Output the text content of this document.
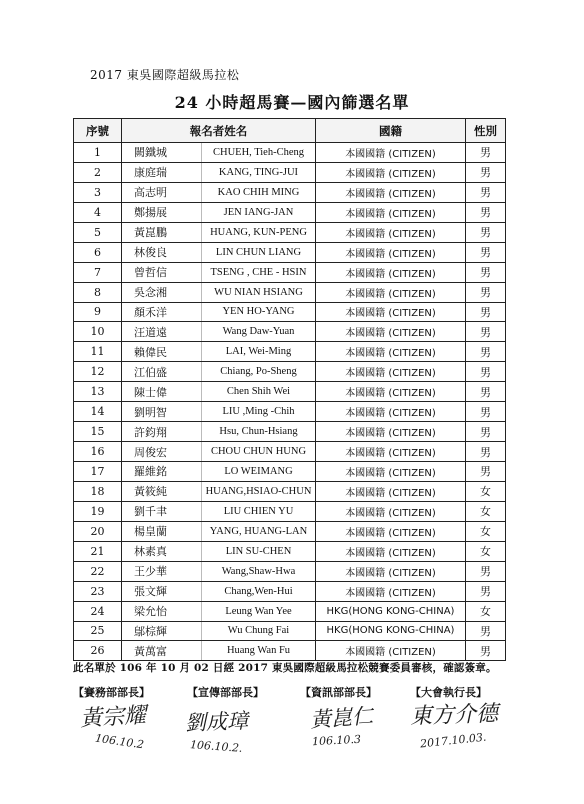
2017 東吳國際超級馬拉松
24 小時超馬賽—國內篩選名單
序號	報名者姓名		國籍	性別
1	闕鐵城	CHUEH, Tieh-Cheng	本國國籍 (CITIZEN)	男
2	康庭瑞	KANG, TING-JUI	本國國籍 (CITIZEN)	男
3	高志明	KAO CHIH MING	本國國籍 (CITIZEN)	男
4	鄭揚展	JEN IANG-JAN	本國國籍 (CITIZEN)	男
5	黃崑鵬	HUANG, KUN-PENG	本國國籍 (CITIZEN)	男
6	林俊良	LIN CHUN LIANG	本國國籍 (CITIZEN)	男
7	曾哲信	TSENG , CHE - HSIN	本國國籍 (CITIZEN)	男
8	吳念湘	WU NIAN HSIANG	本國國籍 (CITIZEN)	男
9	顏禾洋	YEN HO-YANG	本國國籍 (CITIZEN)	男
10	汪道遠	Wang Daw-Yuan	本國國籍 (CITIZEN)	男
11	賴偉民	LAI, Wei-Ming	本國國籍 (CITIZEN)	男
12	江伯盛	Chiang, Po-Sheng	本國國籍 (CITIZEN)	男
13	陳士偉	Chen Shih Wei	本國國籍 (CITIZEN)	男
14	劉明智	LIU ,Ming -Chih	本國國籍 (CITIZEN)	男
15	許鈞翔	Hsu, Chun-Hsiang	本國國籍 (CITIZEN)	男
16	周俊宏	CHOU CHUN HUNG	本國國籍 (CITIZEN)	男
17	羅維銘	LO WEIMANG	本國國籍 (CITIZEN)	男
18	黃筱純	HUANG,HSIAO-CHUN	本國國籍 (CITIZEN)	女
19	劉千聿	LIU CHIEN YU	本國國籍 (CITIZEN)	女
20	楊皇蘭	YANG, HUANG-LAN	本國國籍 (CITIZEN)	女
21	林素真	LIN SU-CHEN	本國國籍 (CITIZEN)	女
22	王少華	Wang,Shaw-Hwa	本國國籍 (CITIZEN)	男
23	張文輝	Chang,Wen-Hui	本國國籍 (CITIZEN)	男
24	梁允怡	Leung Wan Yee	HKG(HONG KONG-CHINA)	女
25	鄔棕輝	Wu Chung Fai	HKG(HONG KONG-CHINA)	男
26	黃萬富	Huang Wan Fu	本國國籍 (CITIZEN)	男
此名單於 106 年 10 月 02 日經 2017 東吳國際超級馬拉松競賽委員審核，確認簽章。
【賽務部部長】	【宣傳部部長】	【資訊部部長】	【大會執行長】
黃宗耀 劉成璋	黃崑仁 東方介德
106.10.2	106.10.2.	106.10.3	2017.10.03.
